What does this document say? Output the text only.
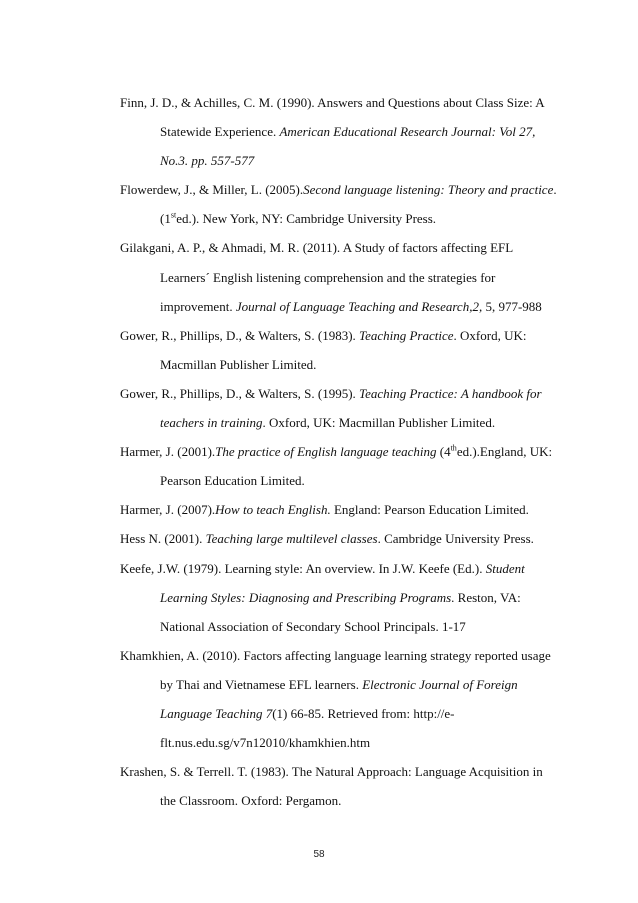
Finn, J. D., & Achilles, C. M. (1990). Answers and Questions about Class Size: A
Statewide Experience. American Educational Research Journal: Vol 27,
No.3. pp. 557-577
Flowerdew, J., & Miller, L. (2005).Second language listening: Theory and practice.
(1sted.). New York, NY: Cambridge University Press.
Gilakgani, A. P., & Ahmadi, M. R. (2011). A Study of factors affecting EFL
Learners´ English listening comprehension and the strategies for
improvement. Journal of Language Teaching and Research,2, 5, 977-988
Gower, R., Phillips, D., & Walters, S. (1983). Teaching Practice. Oxford, UK:
Macmillan Publisher Limited.
Gower, R., Phillips, D., & Walters, S. (1995). Teaching Practice: A handbook for
teachers in training. Oxford, UK: Macmillan Publisher Limited.
Harmer, J. (2001).The practice of English language teaching (4thed.).England, UK:
Pearson Education Limited.
Harmer, J. (2007).How to teach English. England: Pearson Education Limited.
Hess N. (2001). Teaching large multilevel classes. Cambridge University Press.
Keefe, J.W. (1979). Learning style: An overview. In J.W. Keefe (Ed.). Student
Learning Styles: Diagnosing and Prescribing Programs. Reston, VA:
National Association of Secondary School Principals. 1-17
Khamkhien, A. (2010). Factors affecting language learning strategy reported usage
by Thai and Vietnamese EFL learners. Electronic Journal of Foreign
Language Teaching 7(1) 66-85. Retrieved from: http://e-
flt.nus.edu.sg/v7n12010/khamkhien.htm
Krashen, S. & Terrell. T. (1983). The Natural Approach: Language Acquisition in
the Classroom. Oxford: Pergamon.
58
